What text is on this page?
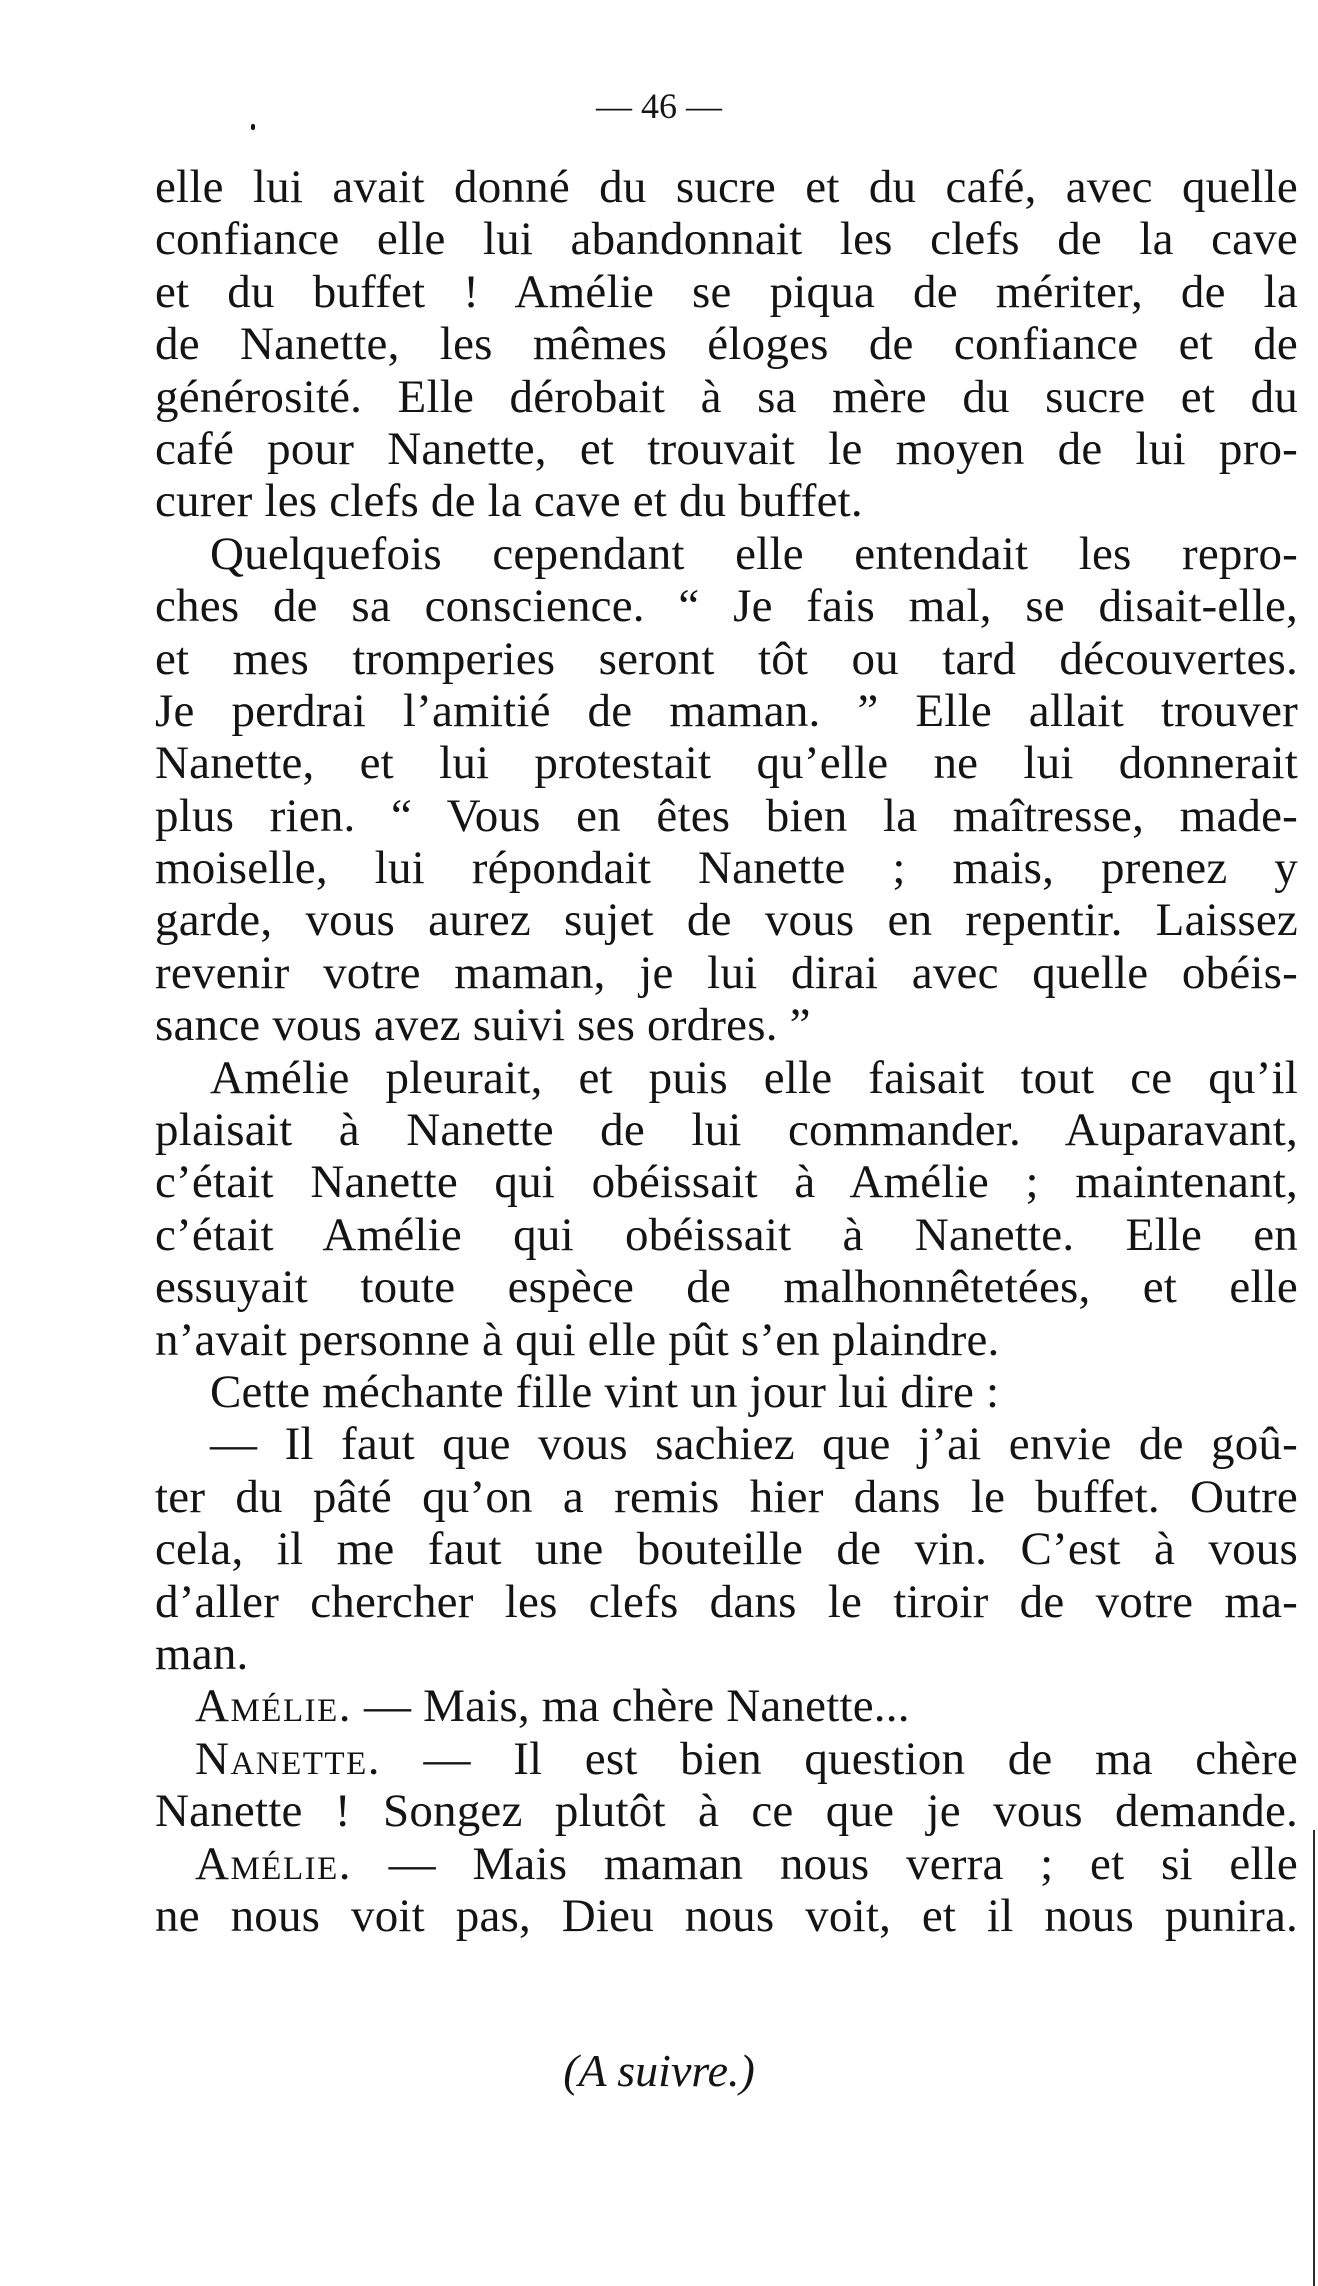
— 46 —
elle lui avait donné du sucre et du café, avec quelle
confiance elle lui abandonnait les clefs de la cave
et du buffet ! Amélie se piqua de mériter, de la
de Nanette, les mêmes éloges de confiance et de
générosité. Elle dérobait à sa mère du sucre et du
café pour Nanette, et trouvait le moyen de lui pro-
curer les clefs de la cave et du buffet.
Quelquefois cependant elle entendait les repro-
ches de sa conscience. “ Je fais mal, se disait-elle,
et mes tromperies seront tôt ou tard découvertes.
Je perdrai l’amitié de maman. ” Elle allait trouver
Nanette, et lui protestait qu’elle ne lui donnerait
plus rien. “ Vous en êtes bien la maîtresse, made-
moiselle, lui répondait Nanette ; mais, prenez y
garde, vous aurez sujet de vous en repentir. Laissez
revenir votre maman, je lui dirai avec quelle obéis-
sance vous avez suivi ses ordres. ”
Amélie pleurait, et puis elle faisait tout ce qu’il
plaisait à Nanette de lui commander. Auparavant,
c’était Nanette qui obéissait à Amélie ; maintenant,
c’était Amélie qui obéissait à Nanette. Elle en
essuyait toute espèce de malhonnêtetées, et elle
n’avait personne à qui elle pût s’en plaindre.
Cette méchante fille vint un jour lui dire :
— Il faut que vous sachiez que j’ai envie de goû-
ter du pâté qu’on a remis hier dans le buffet. Outre
cela, il me faut une bouteille de vin. C’est à vous
d’aller chercher les clefs dans le tiroir de votre ma-
man.
Amélie. — Mais, ma chère Nanette...
Nanette. — Il est bien question de ma chère
Nanette ! Songez plutôt à ce que je vous demande.
Amélie. — Mais maman nous verra ; et si elle
ne nous voit pas, Dieu nous voit, et il nous punira.
(A suivre.)
